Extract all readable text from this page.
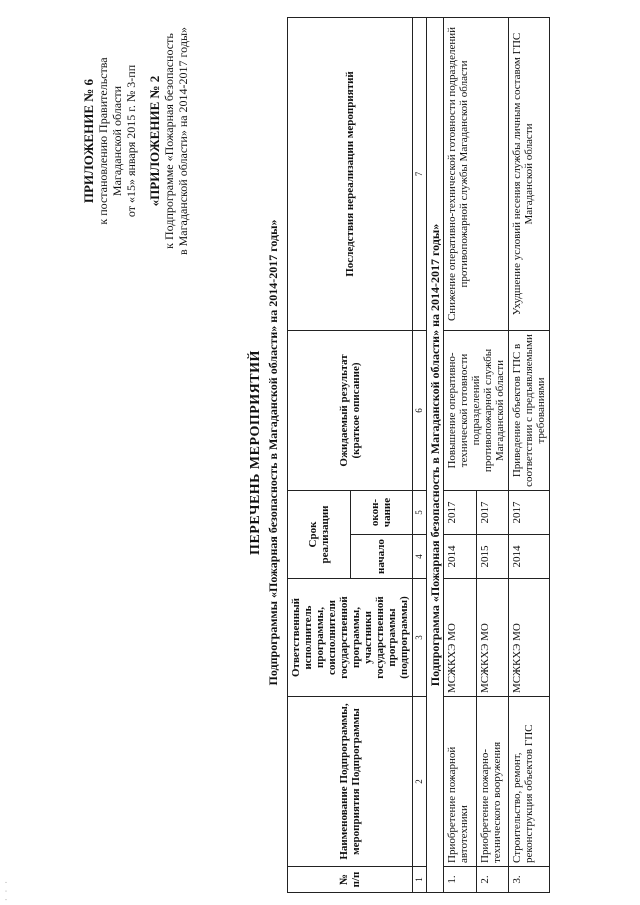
· · ·
ПРИЛОЖЕНИЕ № 6 к постановлению Правительства Магаданской области от «15» января 2015 г. № 3-пп «ПРИЛОЖЕНИЕ № 2 к Подпрограмме «Пожарная безопасность в Магаданской области» на 2014-2017 годы»
ПЕРЕЧЕНЬ МЕРОПРИЯТИЙ Подпрограммы «Пожарная безопасность в Магаданской области» на 2014-2017 годы»
№ п/п	Наименование Подпрограммы, мероприятия Подпрограммы	Ответственный исполнитель программы, соисполнители государственной программы, участники государственной программы (подпрограммы)	Срок реализации		Ожидаемый результат (краткое описание)	Последствия нереализации мероприятий
			начало	окон-чание		
1	2	3	4	5	6	7
Подпрограмма «Пожарная безопасность в Магаданской области» на 2014-2017 годы»						
1.	Приобретение пожарной автотехники	МСЖКХЭ МО	2014	2017	Повышение оперативно-технической готовности подразделений противопожарной службы Магаданской области	Снижение оперативно-технической готовности подразделений противопожарной службы Магаданской области
2.	Приобретение пожарно-технического вооружения	МСЖКХЭ МО	2015	2017		
3.	Строительство, ремонт, реконструкция объектов ГПС	МСЖКХЭ МО	2014	2017	Приведение объектов ГПС в соответствии с предъявляемыми требованиями	Ухудшение условий несения службы личным составом ГПС Магаданской области
